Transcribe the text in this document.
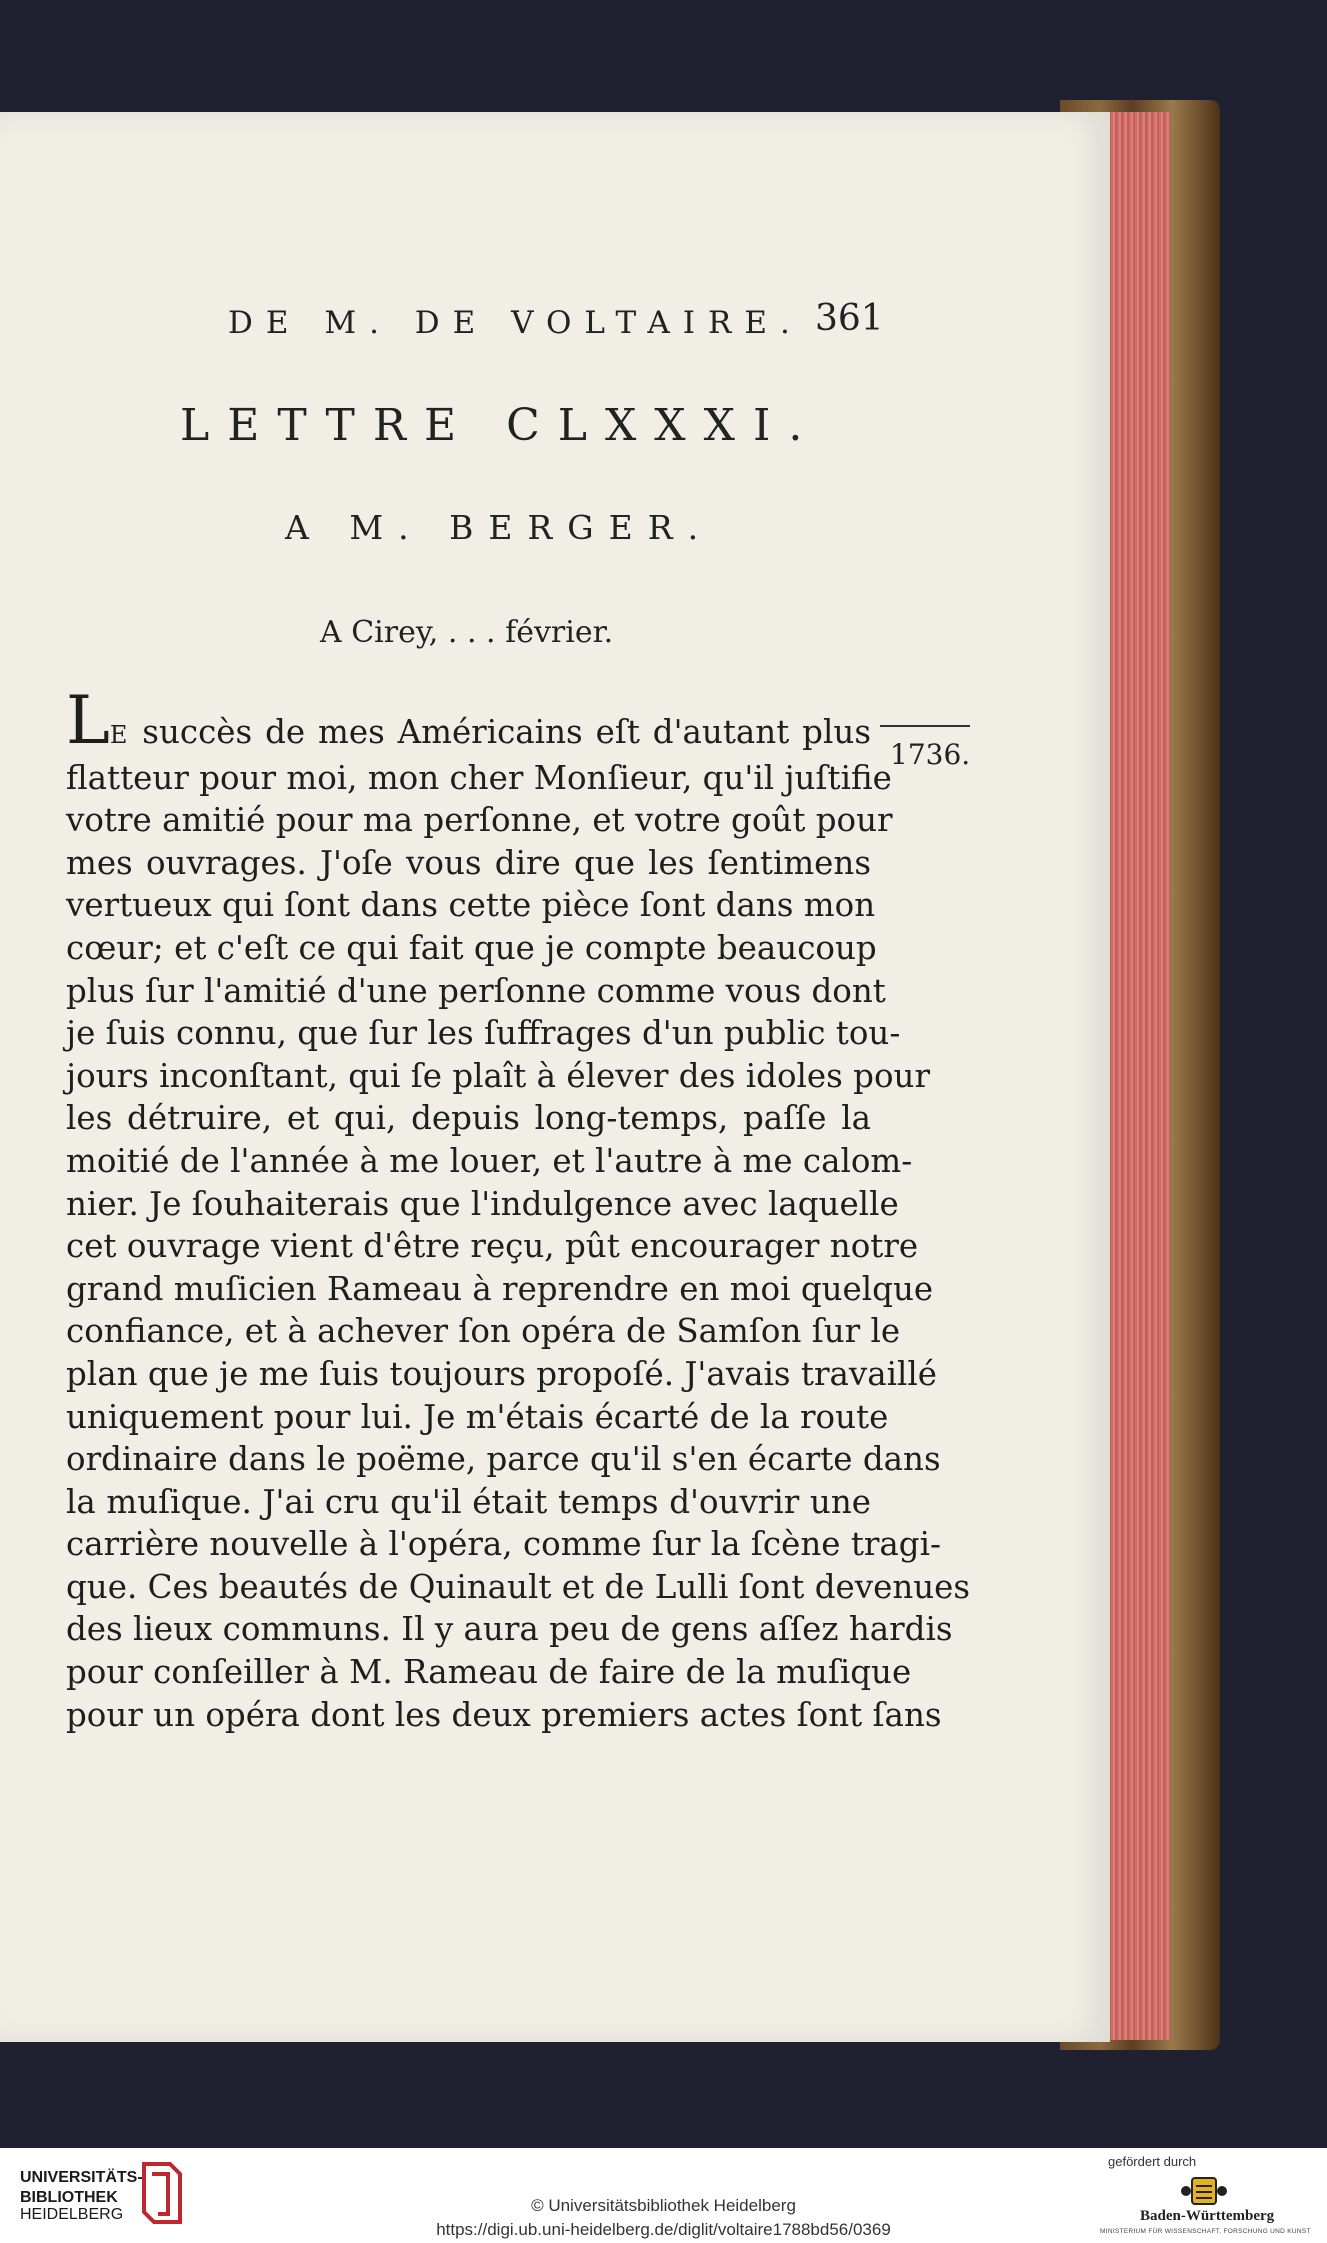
DE M. DE VOLTAIRE. 361
LETTRE CLXXXI.
A M. BERGER.
A Cirey, . . . février.
1736.
LE succès de mes Américains eſt d'autant plus
flatteur pour moi, mon cher Monſieur, qu'il juſtifie
votre amitié pour ma perſonne, et votre goût pour
mes ouvrages. J'oſe vous dire que les ſentimens
vertueux qui ſont dans cette pièce ſont dans mon
cœur; et c'eſt ce qui fait que je compte beaucoup
plus ſur l'amitié d'une perſonne comme vous dont
je ſuis connu, que ſur les ſuffrages d'un public tou-
jours inconſtant, qui ſe plaît à élever des idoles pour
les détruire, et qui, depuis long-temps, paſſe la
moitié de l'année à me louer, et l'autre à me calom-
nier. Je ſouhaiterais que l'indulgence avec laquelle
cet ouvrage vient d'être reçu, pût encourager notre
grand muſicien Rameau à reprendre en moi quelque
confiance, et à achever ſon opéra de Samſon ſur le
plan que je me ſuis toujours propoſé. J'avais travaillé
uniquement pour lui. Je m'étais écarté de la route
ordinaire dans le poëme, parce qu'il s'en écarte dans
la muſique. J'ai cru qu'il était temps d'ouvrir une
carrière nouvelle à l'opéra, comme ſur la ſcène tragi-
que. Ces beautés de Quinault et de Lulli ſont devenues
des lieux communs. Il y aura peu de gens aſſez hardis
pour conſeiller à M. Rameau de faire de la muſique
pour un opéra dont les deux premiers actes ſont ſans
UNIVERSITÄTS-
BIBLIOTHEK
HEIDELBERG	© Universitätsbibliothek Heidelberg
https://digi.ub.uni-heidelberg.de/diglit/voltaire1788bd56/0369
gefördert durch
Baden-Württemberg
MINISTERIUM FÜR WISSENSCHAFT, FORSCHUNG UND KUNST
